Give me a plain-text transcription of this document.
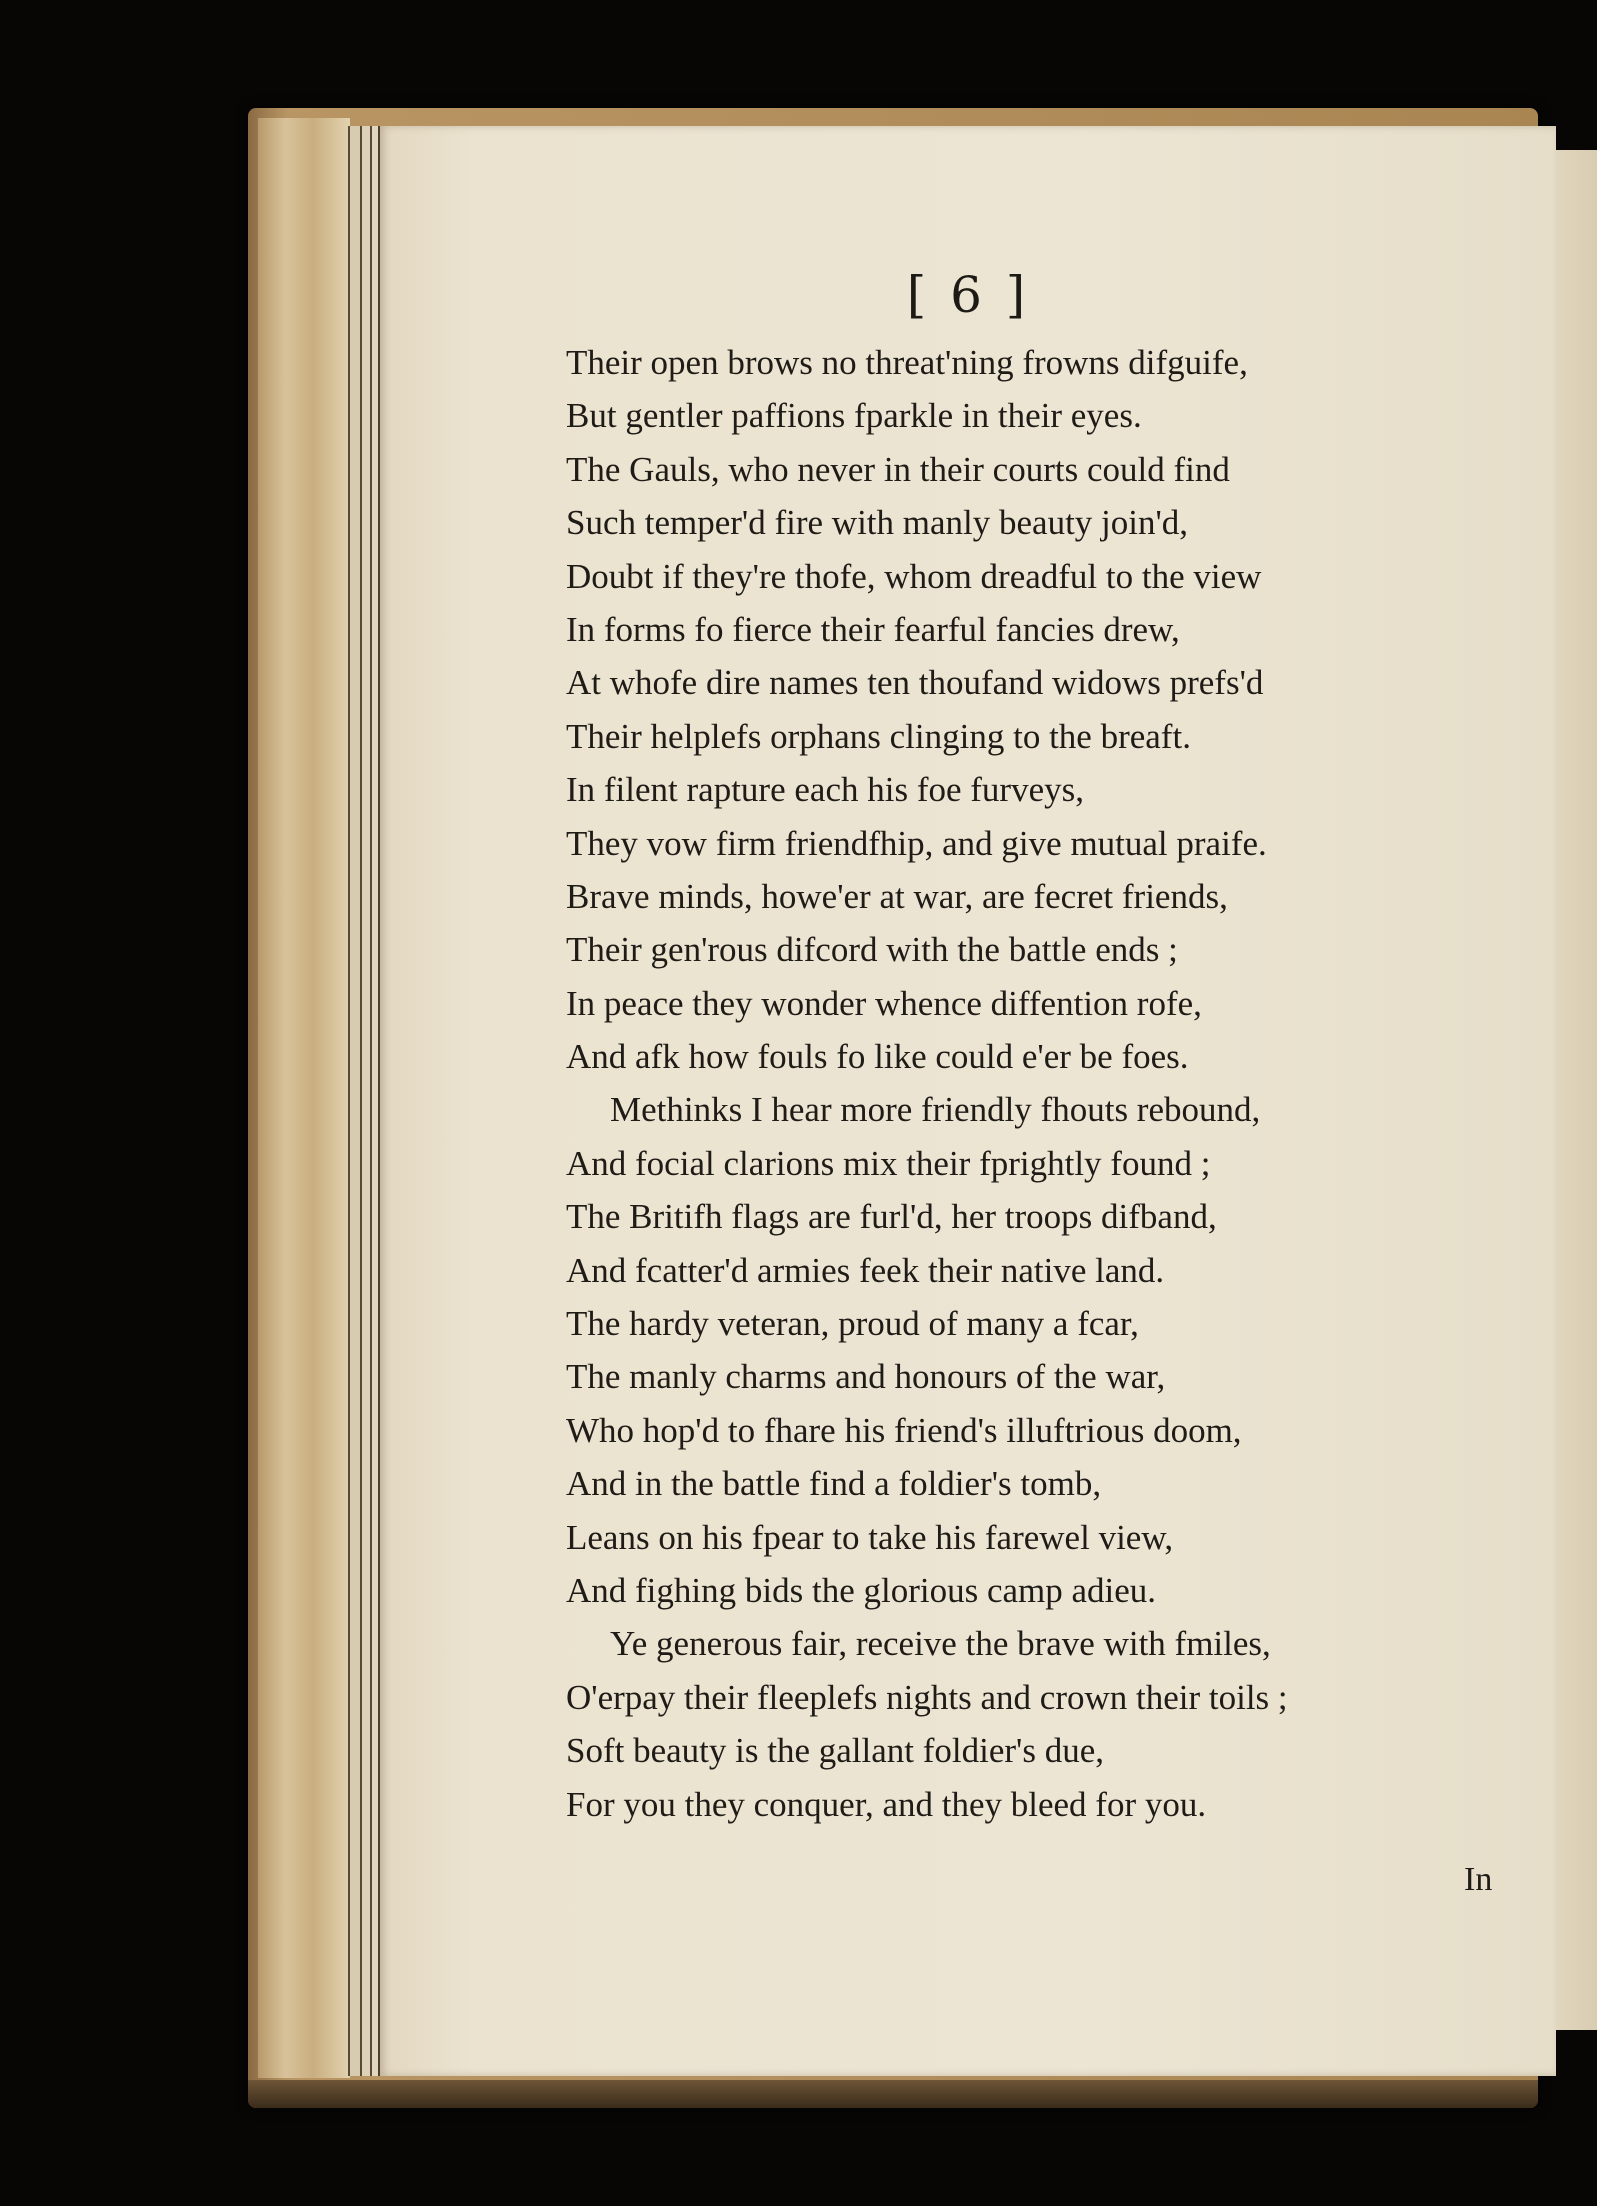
[ 6 ]
Their open brows no threat'ning frowns difguife,
But gentler paffions fparkle in their eyes.
The Gauls, who never in their courts could find
Such temper'd fire with manly beauty join'd,
Doubt if they're thofe, whom dreadful to the view
In forms fo fierce their fearful fancies drew,
At whofe dire names ten thoufand widows prefs'd
Their helplefs orphans clinging to the breaft.
In filent rapture each his foe furveys,
They vow firm friendfhip, and give mutual praife.
Brave minds, howe'er at war, are fecret friends,
Their gen'rous difcord with the battle ends ;
In peace they wonder whence diffention rofe,
And afk how fouls fo like could e'er be foes.
Methinks I hear more friendly fhouts rebound,
And focial clarions mix their fprightly found ;
The Britifh flags are furl'd, her troops difband,
And fcatter'd armies feek their native land.
The hardy veteran, proud of many a fcar,
The manly charms and honours of the war,
Who hop'd to fhare his friend's illuftrious doom,
And in the battle find a foldier's tomb,
Leans on his fpear to take his farewel view,
And fighing bids the glorious camp adieu.
Ye generous fair, receive the brave with fmiles,
O'erpay their fleeplefs nights and crown their toils ;
Soft beauty is the gallant foldier's due,
For you they conquer, and they bleed for you.
In
